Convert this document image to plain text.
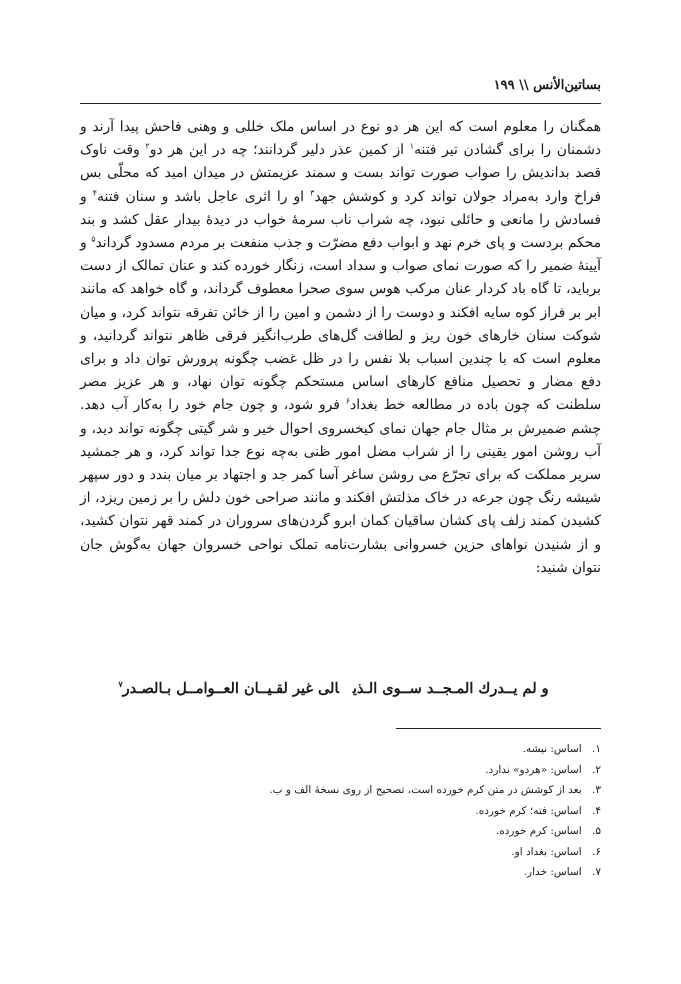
بساتین‌الأنس \\ ۱۹۹

همگنان را معلوم است که این هر دو نوع در اساس ملک خللی و وهنی فاحش پیدا آرند و دشمنان را برای گشادن تیر فتنه$^۱$ از کمین عذر دلیر گردانند؛ چه در این هر دو$^۲$ وقت ناوک قصد بداندیش را صواب صورت تواند بست و سمند عزیمتش در میدان امید که محلّی بس فراخ وارد به‌مراد جولان تواند کرد و کوشش جهد$^۳$ او را اثری عاجل باشد و سنان فتنه$^۴$ و فسادش را مانعی و حائلی نبود، چه شراب ناب سرمهٔ خواب در دیدهٔ بیدار عقل کشد و بند محکم بردست و پای خرم نهد و ابواب دفع مضرّت و جذب منفعت بر مردم مسدود گرداند$^۵$ و آیینهٔ ضمیر را که صورت نمای صواب و سداد است، زنگار خورده کند و عنان تمالک از دست برباید، تا گاه باد کردار عنان مرکب هوس سوی صحرا معطوف گرداند، و گاه خواهد که مانند ابر بر فراز کوه سایه افکند و دوست را از دشمن و امین را از خائن تفرقه نتواند کرد، و میان شوکت سنان خارهای خون ریز و لطافت گل‌های طرب‌انگیز فرقی ظاهر نتواند گردانید، و معلوم است که با چندین اسباب بلا نفس را در ظل غضب چگونه پرورش توان داد و برای دفع مضار و تحصیل منافع کارهای اساس مستحکم چگونه توان نهاد، و هر عزیز مصر سلطنت که چون باده در مطالعه خط بغداد$^۶$ فرو شود، و چون جام خود را به‌کار آب دهد. چشم ضمیرش بر مثال جام جهان نمای کیخسروی احوال خیر و شر گیتی چگونه تواند دید، و آب روشن امور یقینی را از شراب مضل امور ظنی به‌چه نوع جدا تواند کرد، و هر جمشید سریر مملکت که برای تجرّع می روشن ساغر آسا کمر جد و اجتهاد بر میان بندد و دور سپهر شیشه رنگ چون جرعه در خاک مذلتش افکند و مانند صراحی خون دلش را بر زمین ریزد، از کشیدن کمند زلف پای کشان ساقیان کمان ابرو گردن‌های سروران در کمند قهر نتوان کشید، و از شنیدن نواهای حزین خسروانی بشارت‌نامه تملک نواحی خسروان جهان به‌گوش جان نتوان شنید:

و لم یــدرك المـجــد ســوی الـذیالی غیر لقـیــان العــوامــل بـالصـدر$^۷$
۱. اساس: نیشه.
۲. اساس: «هردو» ندارد.
۳. بعد از کوشش در متن کرم خورده است، تصحیح از روی نسخهٔ الف و ب.
۴. اساس: فته؛ کرم خورده.
۵. اساس: کرم خورده.
۶. اساس: بغداد او.
۷. اساس: خدار.
